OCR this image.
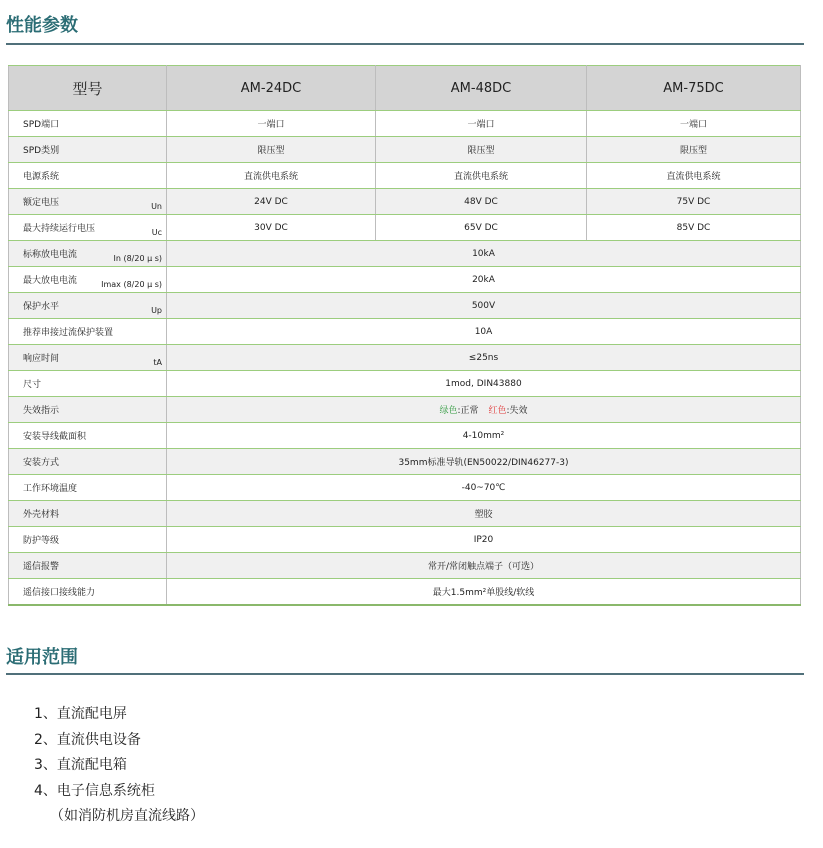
性能参数
型号	AM-24DC	AM-48DC	AM-75DC
SPD端口	一端口	一端口	一端口
SPD类别	限压型	限压型	限压型
电源系统	直流供电系统	直流供电系统	直流供电系统
额定电压 Un	24V DC	48V DC	75V DC
最大持续运行电压 Uc	30V DC	65V DC	85V DC
标称放电电流 In (8/20 μ s)	10kA		
最大放电电流 Imax (8/20 μ s)	20kA		
保护水平 Up	500V		
推荐串接过流保护装置	10A		
响应时间 tA	≤25ns		
尺寸	1mod, DIN43880		
失效指示	绿色:正常 红色:失效		
安装导线截面积	4-10mm²		
安装方式	35mm标准导轨(EN50022/DIN46277-3)		
工作环境温度	-40~70℃		
外壳材料	塑胶		
防护等级	IP20		
遥信报警	常开/常闭触点端子（可选）		
遥信接口接线能力	最大1.5mm²单股线/软线		
适用范围
1、直流配电屏
2、直流供电设备
3、直流配电箱
4、电子信息系统柜
（如消防机房直流线路）
